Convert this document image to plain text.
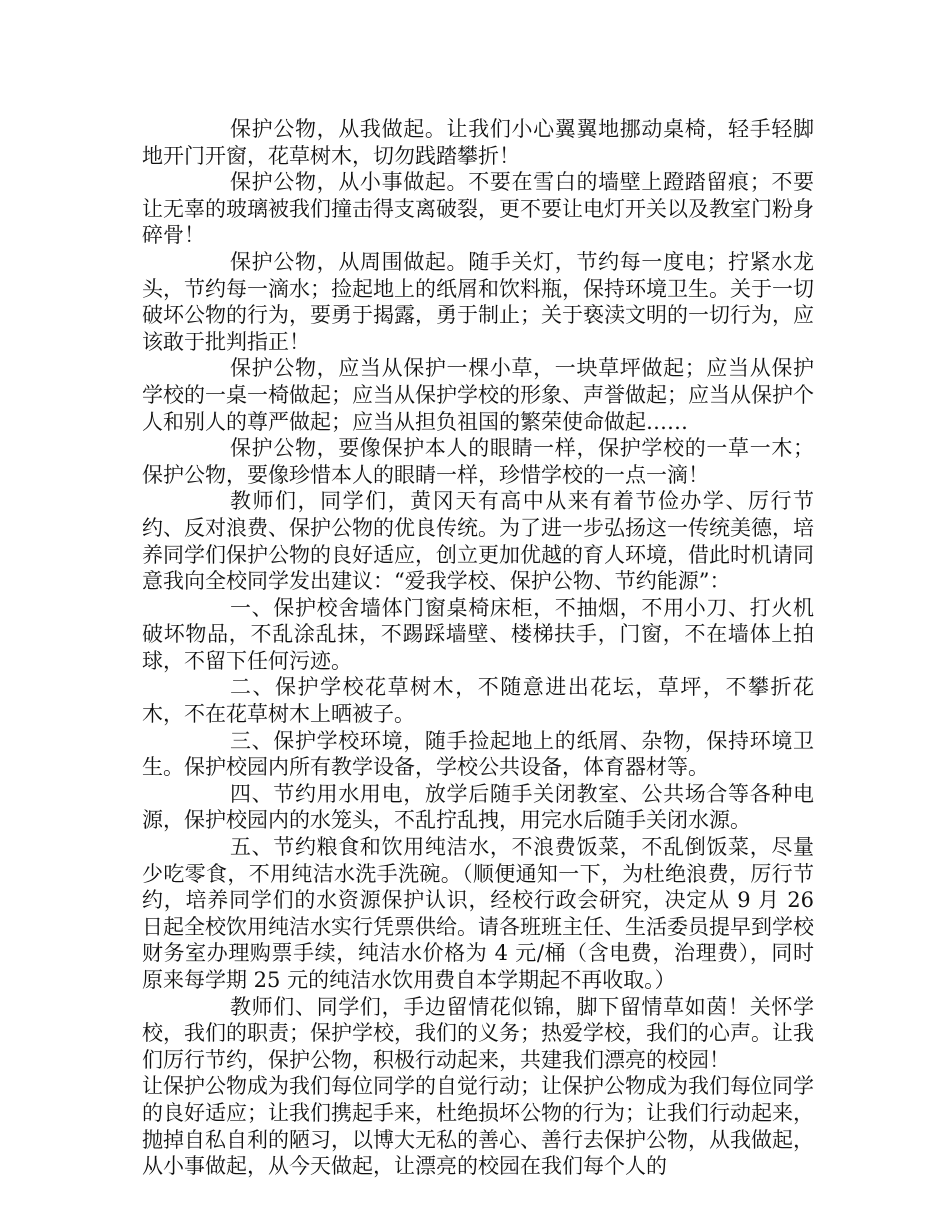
保护公物，从我做起。让我们小心翼翼地挪动桌椅，轻手轻脚地开门开窗，花草树木，切勿践踏攀折！

保护公物，从小事做起。不要在雪白的墙壁上蹬踏留痕；不要让无辜的玻璃被我们撞击得支离破裂，更不要让电灯开关以及教室门粉身碎骨！

保护公物，从周围做起。随手关灯，节约每一度电；拧紧水龙头，节约每一滴水；捡起地上的纸屑和饮料瓶，保持环境卫生。关于一切破坏公物的行为，要勇于揭露，勇于制止；关于亵渎文明的一切行为，应该敢于批判指正！

保护公物，应当从保护一棵小草，一块草坪做起；应当从保护学校的一桌一椅做起；应当从保护学校的形象、声誉做起；应当从保护个人和别人的尊严做起；应当从担负祖国的繁荣使命做起……

保护公物，要像保护本人的眼睛一样，保护学校的一草一木；保护公物，要像珍惜本人的眼睛一样，珍惜学校的一点一滴！

教师们，同学们，黄冈天有高中从来有着节俭办学、厉行节约、反对浪费、保护公物的优良传统。为了进一步弘扬这一传统美德，培养同学们保护公物的良好适应，创立更加优越的育人环境，借此时机请同意我向全校同学发出建议：“爱我学校、保护公物、节约能源”：

一、保护校舍墙体门窗桌椅床柜，不抽烟，不用小刀、打火机破坏物品，不乱涂乱抹，不踢踩墙壁、楼梯扶手，门窗，不在墙体上拍球，不留下任何污迹。

二、保护学校花草树木，不随意进出花坛，草坪，不攀折花木，不在花草树木上晒被子。

三、保护学校环境，随手捡起地上的纸屑、杂物，保持环境卫生。保护校园内所有教学设备，学校公共设备，体育器材等。

四、节约用水用电，放学后随手关闭教室、公共场合等各种电源，保护校园内的水笼头，不乱拧乱拽，用完水后随手关闭水源。

五、节约粮食和饮用纯洁水，不浪费饭菜，不乱倒饭菜，尽量少吃零食，不用纯洁水洗手洗碗。（顺便通知一下，为杜绝浪费，厉行节约，培养同学们的水资源保护认识，经校行政会研究，决定从 9 月 26 日起全校饮用纯洁水实行凭票供给。请各班班主任、生活委员提早到学校财务室办理购票手续，纯洁水价格为 4 元/桶（含电费，治理费），同时原来每学期 25 元的纯洁水饮用费自本学期起不再收取。）

教师们、同学们，手边留情花似锦，脚下留情草如茵！关怀学校，我们的职责；保护学校，我们的义务；热爱学校，我们的心声。让我们厉行节约，保护公物，积极行动起来，共建我们漂亮的校园！

让保护公物成为我们每位同学的自觉行动；让保护公物成为我们每位同学的良好适应；让我们携起手来，杜绝损坏公物的行为；让我们行动起来，抛掉自私自利的陋习，以博大无私的善心、善行去保护公物，从我做起，从小事做起，从今天做起，让漂亮的校园在我们每个人的
